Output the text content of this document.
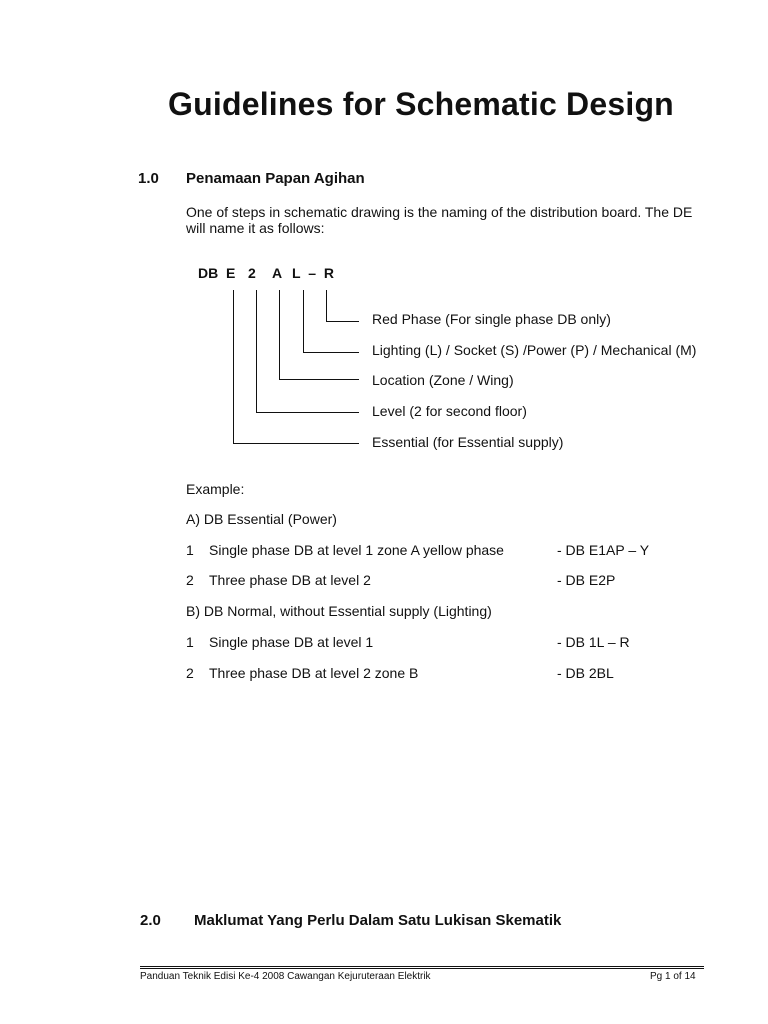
Guidelines for Schematic Design
1.0 Penamaan Papan Agihan
One of steps in schematic drawing is the naming of the distribution board. The DE
will name it as follows:
DB E 2 A L – R
Red Phase (For single phase DB only)
Lighting (L) / Socket (S) /Power (P) / Mechanical (M)
Location (Zone / Wing)
Level (2 for second floor)
Essential (for Essential supply)
Example:
A) DB Essential (Power)
1 Single phase DB at level 1 zone A yellow phase	- DB E1AP – Y
2 Three phase DB at level 2	- DB E2P
B) DB Normal, without Essential supply (Lighting)
1 Single phase DB at level 1	- DB 1L – R
2 Three phase DB at level 2 zone B	- DB 2BL
2.0 Maklumat Yang Perlu Dalam Satu Lukisan Skematik
Panduan Teknik Edisi Ke-4 2008 Cawangan Kejuruteraan Elektrik	Pg 1 of 14
